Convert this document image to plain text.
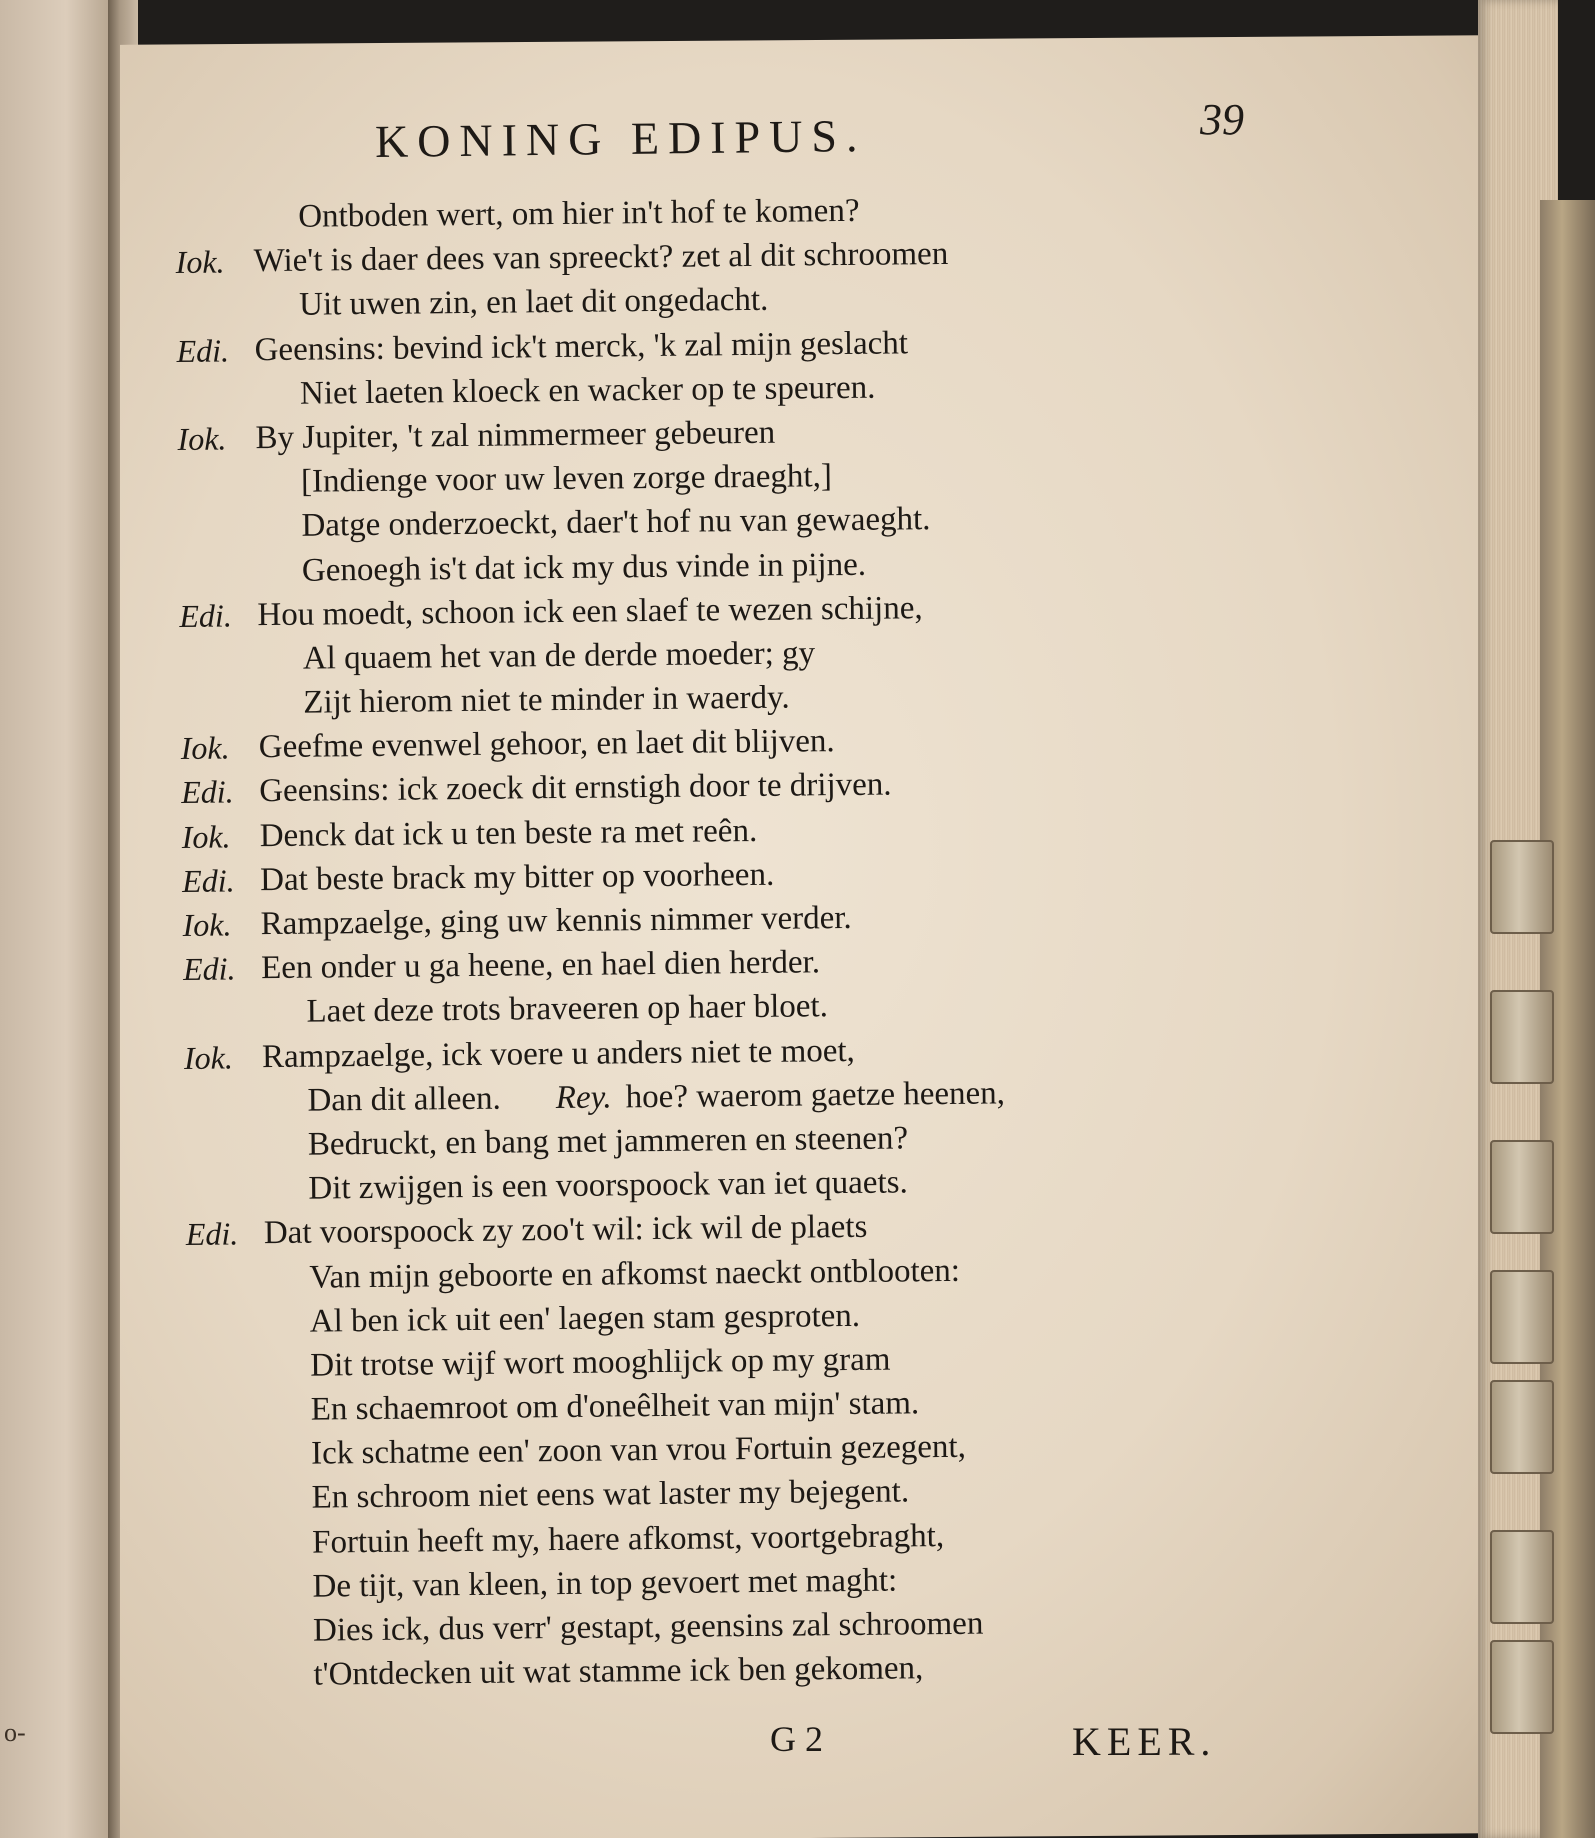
o-
KONING EDIPUS.	39
Ontboden wert, om hier in't hof te komen?
Iok. Wie't is daer dees van spreeckt? zet al dit schroomen
Uit uwen zin, en laet dit ongedacht.
Edi. Geensins: bevind ick't merck, 'k zal mijn geslacht
Niet laeten kloeck en wacker op te speuren.
Iok. By Jupiter, 't zal nimmermeer gebeuren
[Indienge voor uw leven zorge draeght,]
Datge onderzoeckt, daer't hof nu van gewaeght.
Genoegh is't dat ick my dus vinde in pijne.
Edi. Hou moedt, schoon ick een slaef te wezen schijne,
Al quaem het van de derde moeder; gy
Zijt hierom niet te minder in waerdy.
Iok. Geefme evenwel gehoor, en laet dit blijven.
Edi. Geensins: ick zoeck dit ernstigh door te drijven.
Iok. Denck dat ick u ten beste ra met reên.
Edi. Dat beste brack my bitter op voorheen.
Iok. Rampzaelge, ging uw kennis nimmer verder.
Edi. Een onder u ga heene, en hael dien herder.
Laet deze trots braveeren op haer bloet.
Iok. Rampzaelge, ick voere u anders niet te moet,
Dan dit alleen.	Rey. hoe? waerom gaetze heenen,
Bedruckt, en bang met jammeren en steenen?
Dit zwijgen is een voorspoock van iet quaets.
Edi. Dat voorspoock zy zoo't wil: ick wil de plaets
Van mijn geboorte en afkomst naeckt ontblooten:
Al ben ick uit een' laegen stam gesproten.
Dit trotse wijf wort mooghlijck op my gram
En schaemroot om d'oneêlheit van mijn' stam.
Ick schatme een' zoon van vrou Fortuin gezegent,
En schroom niet eens wat laster my bejegent.
Fortuin heeft my, haere afkomst, voortgebraght,
De tijt, van kleen, in top gevoert met maght:
Dies ick, dus verr' gestapt, geensins zal schroomen
t'Ontdecken uit wat stamme ick ben gekomen,
G 2	KEER.
